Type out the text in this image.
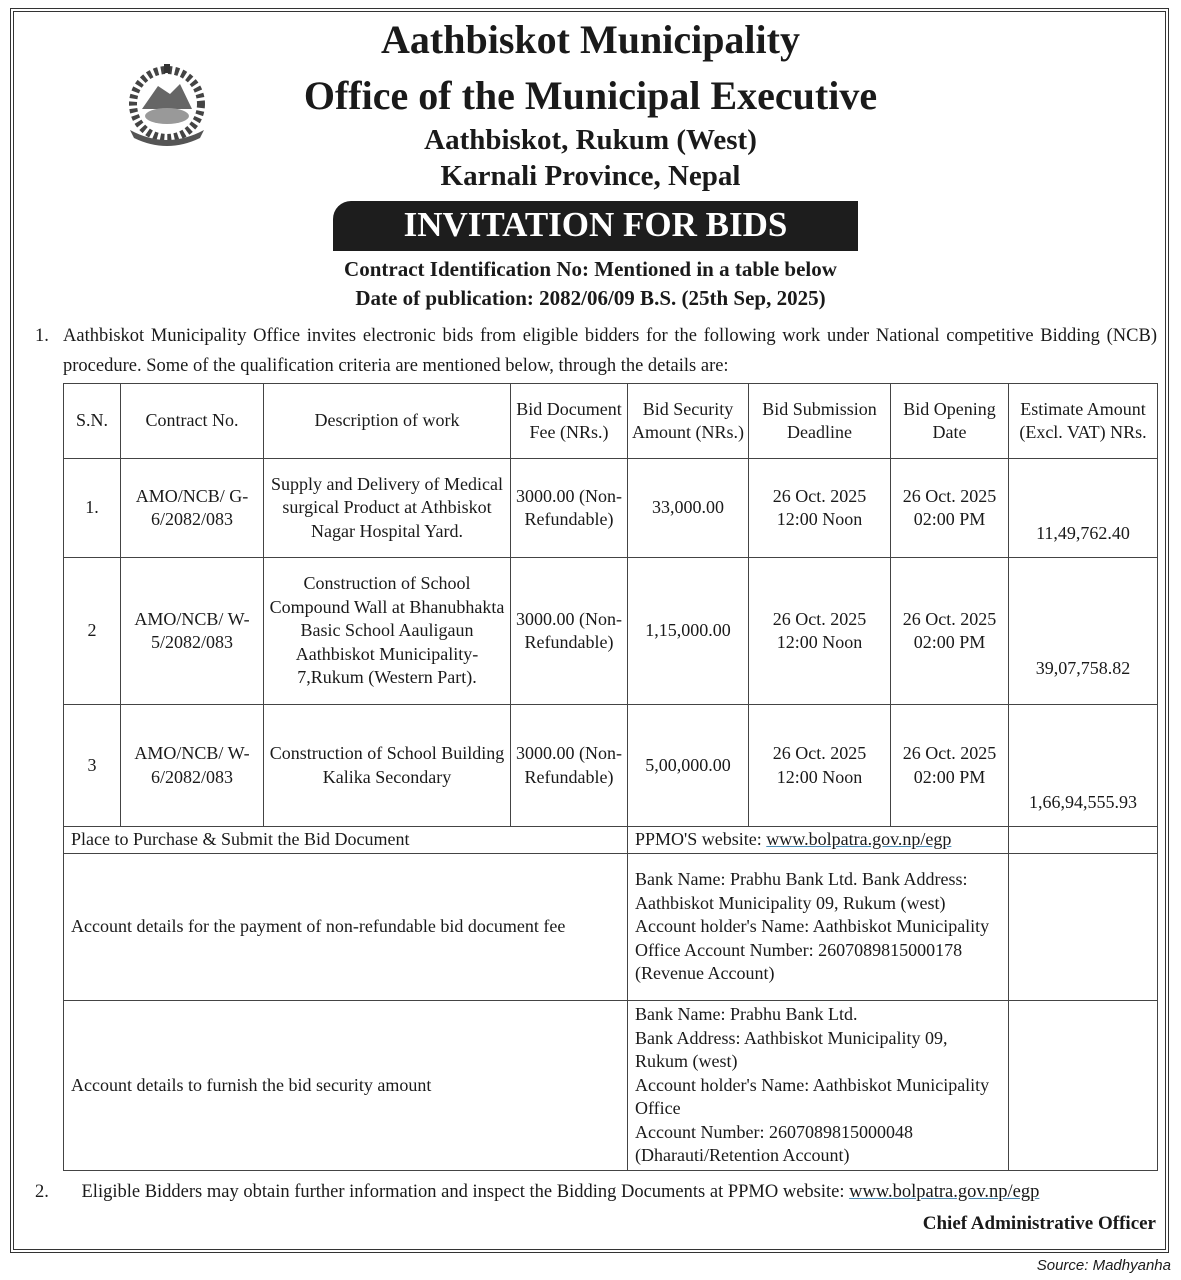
Aathbiskot Municipality
Office of the Municipal Executive
Aathbiskot, Rukum (West)
Karnali Province, Nepal
INVITATION FOR BIDS
Contract Identification No: Mentioned in a table below
Date of publication: 2082/06/09 B.S. (25th Sep, 2025)
1. Aathbiskot Municipality Office invites electronic bids from eligible bidders for the following work under National competitive Bidding (NCB) procedure. Some of the qualification criteria are mentioned below, through the details are:
S.N.	Contract No.	Description of work	Bid Document Fee (NRs.)	Bid Security Amount (NRs.)	Bid Submission Deadline	Bid Opening Date	Estimate Amount (Excl. VAT) NRs.
1.	AMO/NCB/ G-6/2082/083	Supply and Delivery of Medical surgical Product at Athbiskot Nagar Hospital Yard.	3000.00 (Non-Refundable)	33,000.00	26 Oct. 2025 12:00 Noon	26 Oct. 2025 02:00 PM	11,49,762.40
2	AMO/NCB/ W-5/2082/083	Construction of School Compound Wall at Bhanubhakta Basic School Aauligaun Aathbiskot Municipality-7,Rukum (Western Part).	3000.00 (Non-Refundable)	1,15,000.00	26 Oct. 2025 12:00 Noon	26 Oct. 2025 02:00 PM	39,07,758.82
3	AMO/NCB/ W-6/2082/083	Construction of School Building Kalika Secondary	3000.00 (Non-Refundable)	5,00,000.00	26 Oct. 2025 12:00 Noon	26 Oct. 2025 02:00 PM	1,66,94,555.93
Place to Purchase & Submit the Bid Document				PPMO'S website: www.bolpatra.gov.np/egp			
Account details for the payment of non-refundable bid document fee				Bank Name: Prabhu Bank Ltd. Bank Address: Aathbiskot Municipality 09, Rukum (west) Account holder's Name: Aathbiskot Municipality Office Account Number: 2607089815000178 (Revenue Account)			
Account details to furnish the bid security amount				Bank Name: Prabhu Bank Ltd.
Bank Address: Aathbiskot Municipality 09, Rukum (west)
Account holder's Name: Aathbiskot Municipality Office
Account Number: 2607089815000048
(Dharauti/Retention Account)			

2. Eligible Bidders may obtain further information and inspect the Bidding Documents at PPMO website: www.bolpatra.gov.np/egp
Chief Administrative Officer
Source: Madhyanha
